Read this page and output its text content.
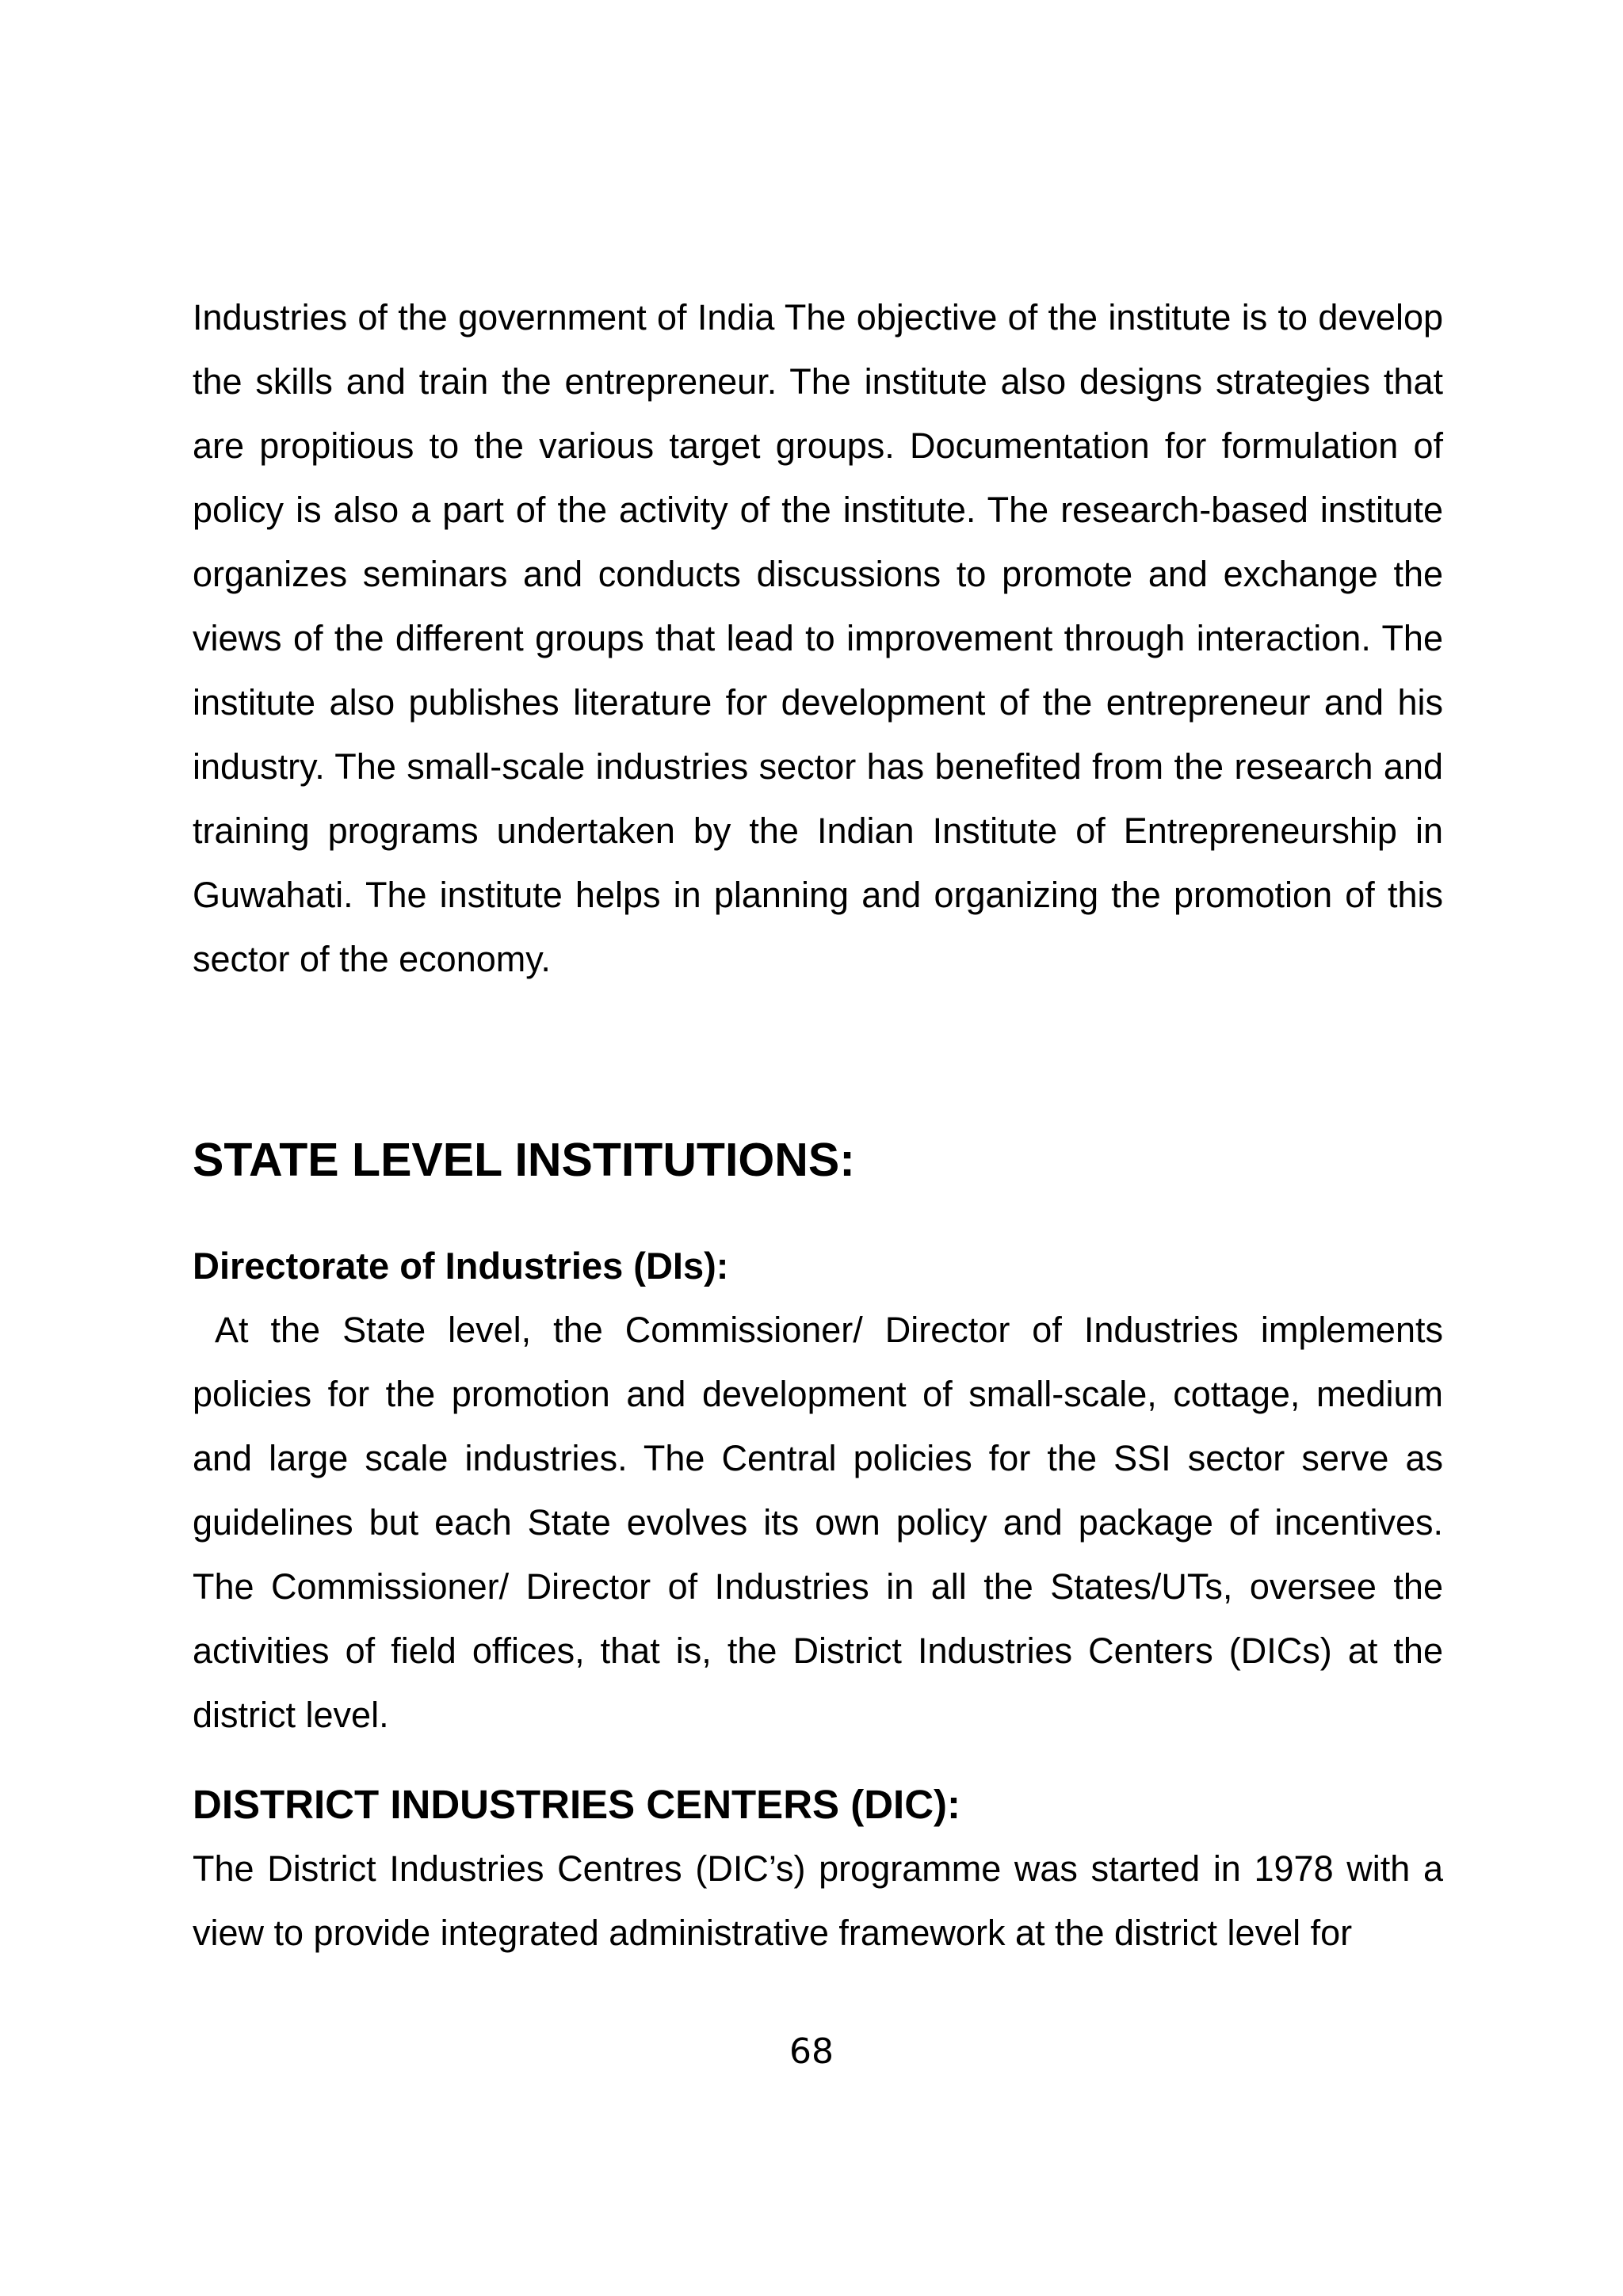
Industries of the government of India The objective of the institute is to develop the skills and train the entrepreneur. The institute also designs strategies that are propitious to the various target groups. Documentation for formulation of policy is also a part of the activity of the institute. The research-based institute organizes seminars and conducts discussions to promote and exchange the views of the different groups that lead to improvement through interaction. The institute also publishes literature for development of the entrepreneur and his industry. The small-scale industries sector has benefited from the research and training programs undertaken by the Indian Institute of Entrepreneurship in Guwahati. The institute helps in planning and organizing the promotion of this sector of the economy.

STATE LEVEL INSTITUTIONS:
Directorate of Industries (DIs):

At the State level, the Commissioner/ Director of Industries implements policies for the promotion and development of small-scale, cottage, medium and large scale industries. The Central policies for the SSI sector serve as guidelines but each State evolves its own policy and package of incentives. The Commissioner/ Director of Industries in all the States/UTs, oversee the activities of field offices, that is, the District Industries Centers (DICs) at the district level.

DISTRICT INDUSTRIES CENTERS (DIC):

The District Industries Centres (DIC’s) programme was started in 1978 with a view to provide integrated administrative framework at the district level for

68
